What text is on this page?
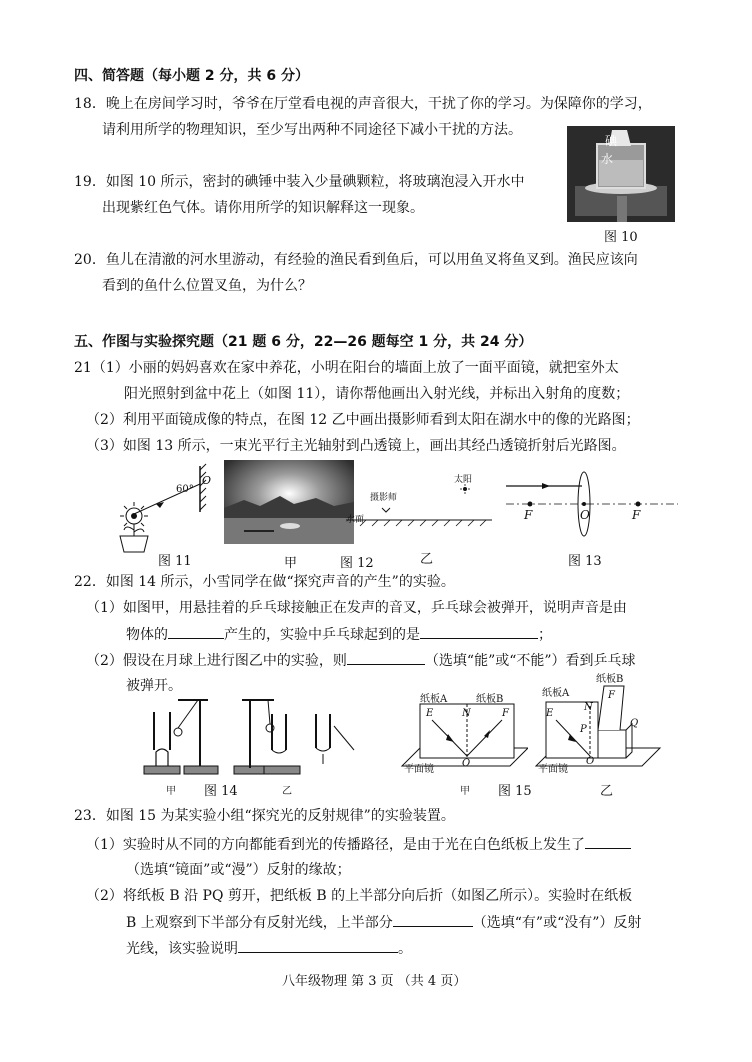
四、简答题（每小题 2 分，共 6 分）
18．晚上在房间学习时，爷爷在厅堂看电视的声音很大，干扰了你的学习。为保障你的学习，
请利用所学的物理知识，至少写出两种不同途径下减小干扰的方法。
19．如图 10 所示，密封的碘锤中装入少量碘颗粒，将玻璃泡浸入开水中
出现紫红色气体。请你用所学的知识解释这一现象。
碘
水
图 10
20．鱼儿在清澈的河水里游动，有经验的渔民看到鱼后，可以用鱼叉将鱼叉到。渔民应该向
看到的鱼什么位置叉鱼，为什么？
五、作图与实验探究题（21 题 6 分，22—26 题每空 1 分，共 24 分）
21（1）小丽的妈妈喜欢在家中养花，小明在阳台的墙面上放了一面平面镜，就把室外太
阳光照射到盆中花上（如图 11），请你帮他画出入射光线，并标出入射角的度数；
（2）利用平面镜成像的特点，在图 12 乙中画出摄影师看到太阳在湖水中的像的光路图；
（3）如图 13 所示，一束光平行主光轴射到凸透镜上，画出其经凸透镜折射后光路图。
O
60°
图 11	甲	图 12
摄影师
太阳
水面
乙
F	O	F
图 13
22．如图 14 所示，小雪同学在做“探究声音的产生”的实验。
（1）如图甲，用悬挂着的乒乓球接触正在发声的音叉，乒乓球会被弹开，说明声音是由
物体的	产生的，实验中乒乓球起到的是	；
（2）假设在月球上进行图乙中的实验，则	（选填“能”或“不能”）看到乒乓球
被弹开。
甲 图 14	乙
纸板A	纸板B
E	N	F
O
平面镜
甲 图 15
纸板A
纸板B
E
N
P
F
Q
O
平面镜
乙
23．如图 15 为某实验小组“探究光的反射规律”的实验装置。
（1）实验时从不同的方向都能看到光的传播路径，是由于光在白色纸板上发生了
（选填“镜面”或“漫”）反射的缘故；
（2）将纸板 B 沿 PQ 剪开，把纸板 B 的上半部分向后折（如图乙所示）。实验时在纸板
B 上观察到下半部分有反射光线，上半部分	（选填“有”或“没有”）反射
光线，该实验说明	。
八年级物理 第 3 页 （共 4 页）
